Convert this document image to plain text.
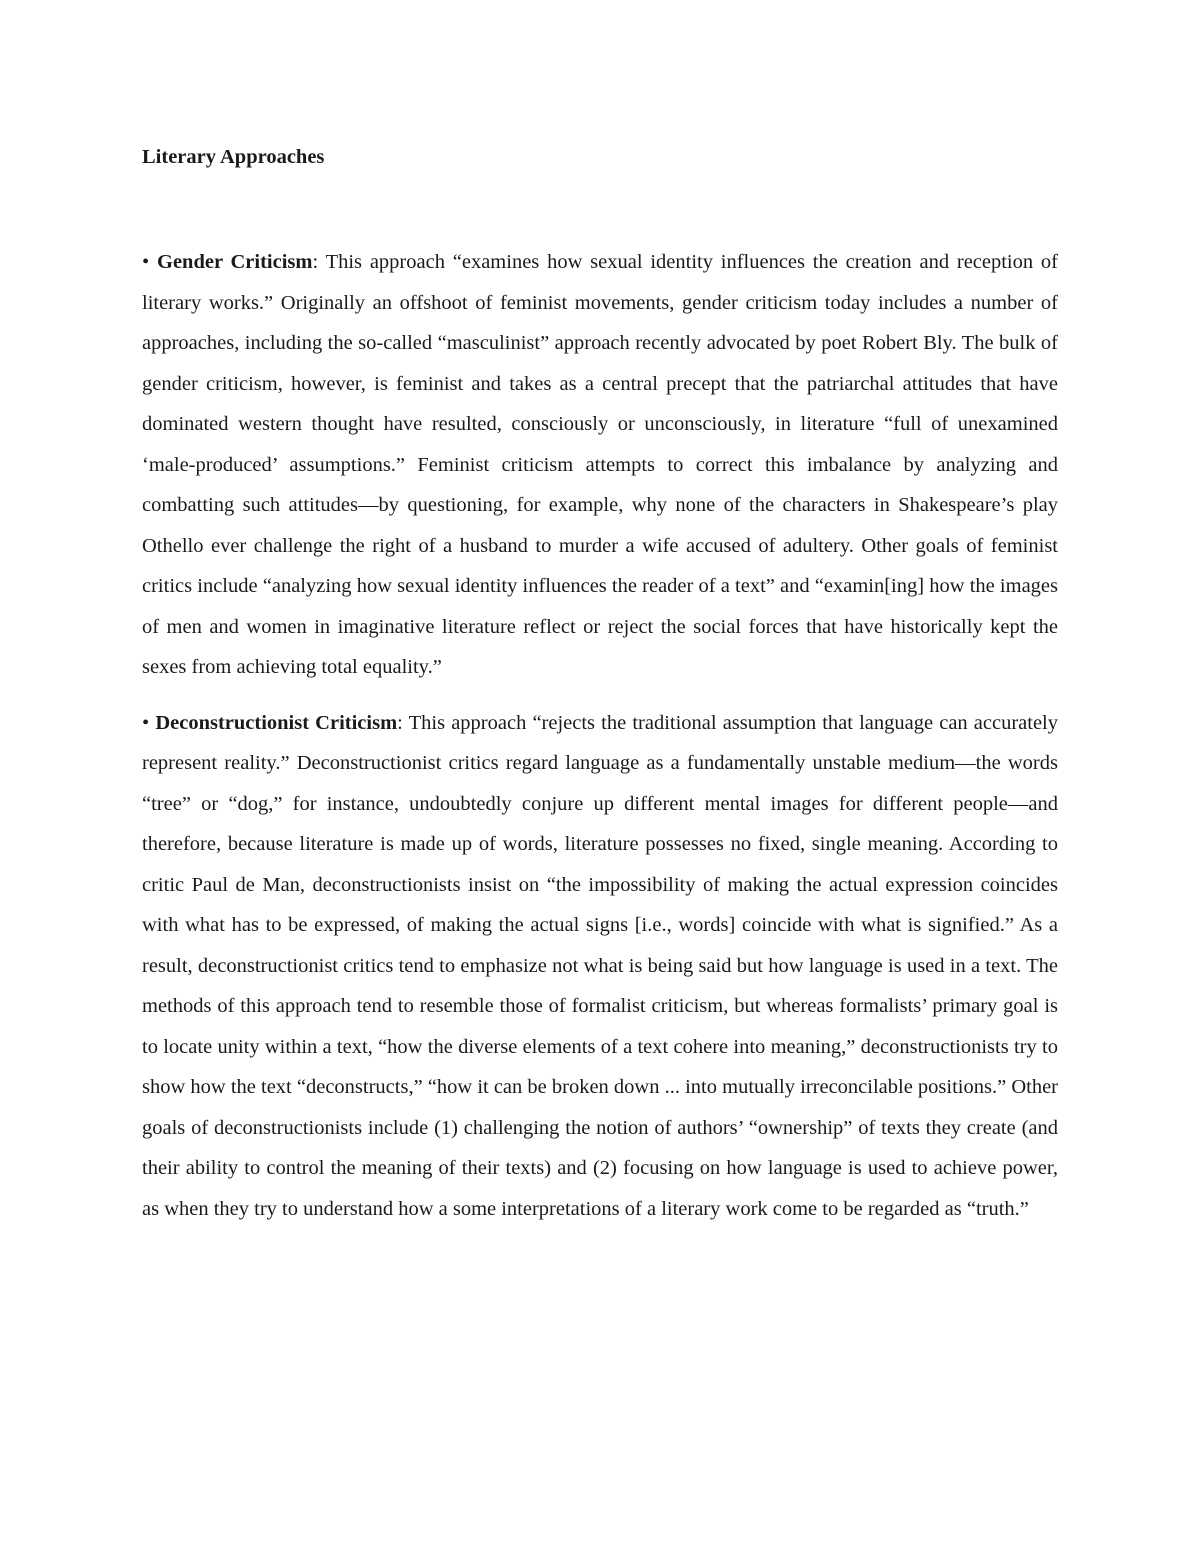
Literary Approaches

• Gender Criticism: This approach “examines how sexual identity influences the creation and reception of literary works.” Originally an offshoot of feminist movements, gender criticism today includes a number of approaches, including the so-called “masculinist” approach recently advocated by poet Robert Bly. The bulk of gender criticism, however, is feminist and takes as a central precept that the patriarchal attitudes that have dominated western thought have resulted, consciously or unconsciously, in literature “full of unexamined ‘male-produced’ assumptions.” Feminist criticism attempts to correct this imbalance by analyzing and combatting such attitudes—by questioning, for example, why none of the characters in Shakespeare’s play Othello ever challenge the right of a husband to murder a wife accused of adultery. Other goals of feminist critics include “analyzing how sexual identity influences the reader of a text” and “examin[ing] how the images of men and women in imaginative literature reflect or reject the social forces that have historically kept the sexes from achieving total equality.”

• Deconstructionist Criticism: This approach “rejects the traditional assumption that language can accurately represent reality.” Deconstructionist critics regard language as a fundamentally unstable medium—the words “tree” or “dog,” for instance, undoubtedly conjure up different mental images for different people—and therefore, because literature is made up of words, literature possesses no fixed, single meaning. According to critic Paul de Man, deconstructionists insist on “the impossibility of making the actual expression coincides with what has to be expressed, of making the actual signs [i.e., words] coincide with what is signified.” As a result, deconstructionist critics tend to emphasize not what is being said but how language is used in a text. The methods of this approach tend to resemble those of formalist criticism, but whereas formalists’ primary goal is to locate unity within a text, “how the diverse elements of a text cohere into meaning,” deconstructionists try to show how the text “deconstructs,” “how it can be broken down ... into mutually irreconcilable positions.” Other goals of deconstructionists include (1) challenging the notion of authors’ “ownership” of texts they create (and their ability to control the meaning of their texts) and (2) focusing on how language is used to achieve power, as when they try to understand how a some interpretations of a literary work come to be regarded as “truth.”
